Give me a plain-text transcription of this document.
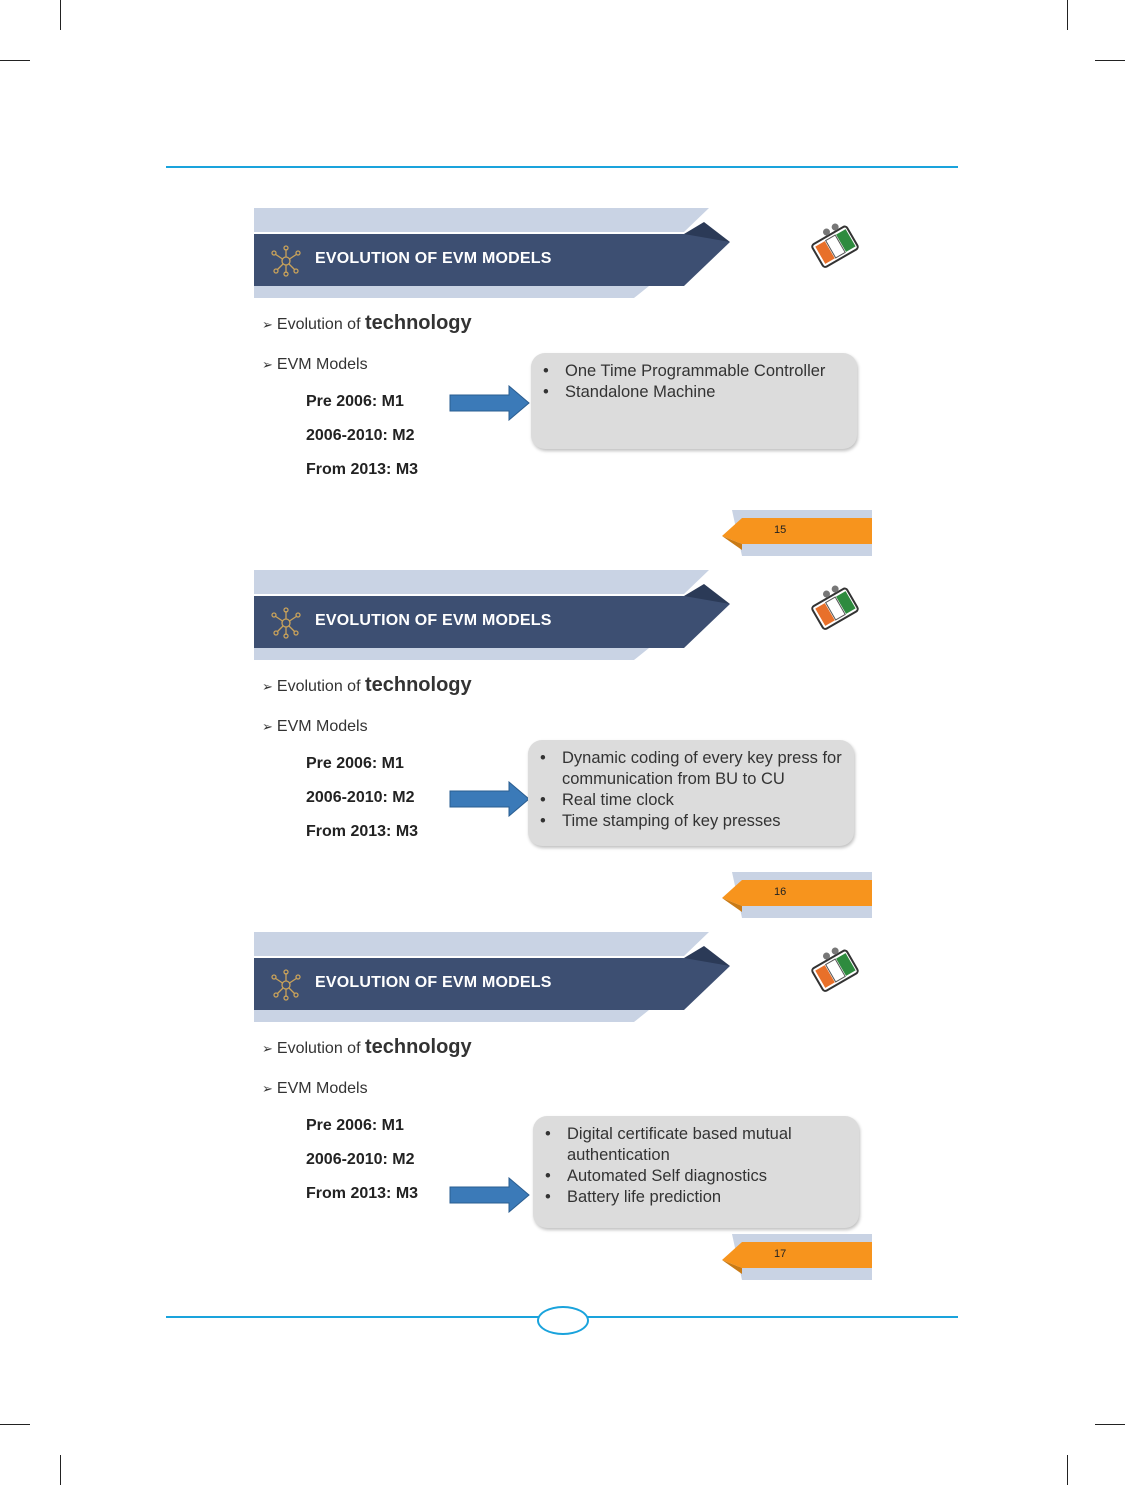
EVOLUTION OF EVM MODELS
➢ Evolution of technology
➢ EVM Models
Pre 2006: M1
2006-2010: M2
From 2013: M3
• One Time Programmable Controller
• Standalone Machine
15
EVOLUTION OF EVM MODELS
➢ Evolution of technology
➢ EVM Models
Pre 2006: M1
2006-2010: M2
From 2013: M3
• Dynamic coding of every key press for communication from BU to CU
• Real time clock
• Time stamping of key presses
16
EVOLUTION OF EVM MODELS
➢ Evolution of technology
➢ EVM Models
Pre 2006: M1
2006-2010: M2
From 2013: M3
• Digital certificate based mutual authentication
• Automated Self diagnostics
• Battery life prediction
17
